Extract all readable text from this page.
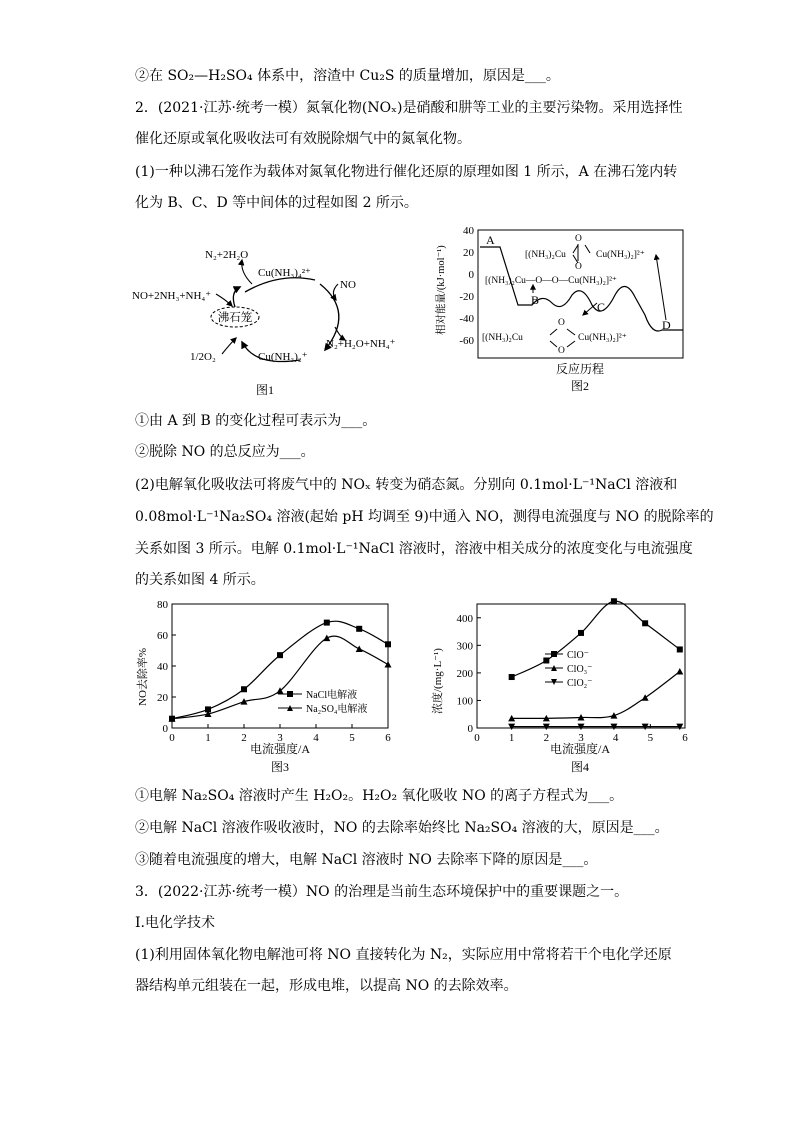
②在 SO₂—H₂SO₄ 体系中，溶渣中 Cu₂S 的质量增加，原因是___。
2．(2021·江苏·统考一模）氮氧化物(NOₓ)是硝酸和肼等工业的主要污染物。采用选择性
催化还原或氧化吸收法可有效脱除烟气中的氮氧化物。
(1)一种以沸石笼作为载体对氮氧化物进行催化还原的原理如图 1 所示，A 在沸石笼内转
化为 B、C、D 等中间体的过程如图 2 所示。
沸石笼
N₂+2H₂O
NO+2NH₃+NH₄⁺
Cu(NH₃)₄²⁺
NO
N₂+H₂O+NH₄⁺
Cu(NH₃)₂⁺
1/2O₂
图1
40
20
0
-20
-40
-60
相对能量/(kJ·mol⁻¹)
A
B	C
D
[(NH₃)₂Cu	Cu(NH₃)₂]²⁺
O
O
[(NH₃)₂Cu—O—O—Cu(NH₃)₂]²⁺
[(NH₃)₂Cu	Cu(NH₃)₂]²⁺
O
O
反应历程
图2
①由 A 到 B 的变化过程可表示为___。
②脱除 NO 的总反应为___。
(2)电解氧化吸收法可将废气中的 NOₓ 转变为硝态氮。分别向 0.1mol·L⁻¹NaCl 溶液和
0.08mol·L⁻¹Na₂SO₄ 溶液(起始 pH 均调至 9)中通入 NO，测得电流强度与 NO 的脱除率的
关系如图 3 所示。电解 0.1mol·L⁻¹NaCl 溶液时，溶液中相关成分的浓度变化与电流强度
的关系如图 4 所示。
NO去除率%
0
20
40
60
80
0	1	2	3	4	5	6
NaCl电解液
Na₂SO₄电解液
电流强度/A
图3
浓度/(mg·L⁻¹)
0
100
200
300
400
0	1	2	3	4	5	6
ClO⁻
ClO₃⁻
ClO₂⁻
电流强度/A
图4
①电解 Na₂SO₄ 溶液时产生 H₂O₂。H₂O₂ 氧化吸收 NO 的离子方程式为___。
②电解 NaCl 溶液作吸收液时，NO 的去除率始终比 Na₂SO₄ 溶液的大，原因是___。
③随着电流强度的增大，电解 NaCl 溶液时 NO 去除率下降的原因是___。
3．(2022·江苏·统考一模）NO 的治理是当前生态环境保护中的重要课题之一。
I.电化学技术
(1)利用固体氧化物电解池可将 NO 直接转化为 N₂，实际应用中常将若干个电化学还原
器结构单元组装在一起，形成电堆，以提高 NO 的去除效率。
